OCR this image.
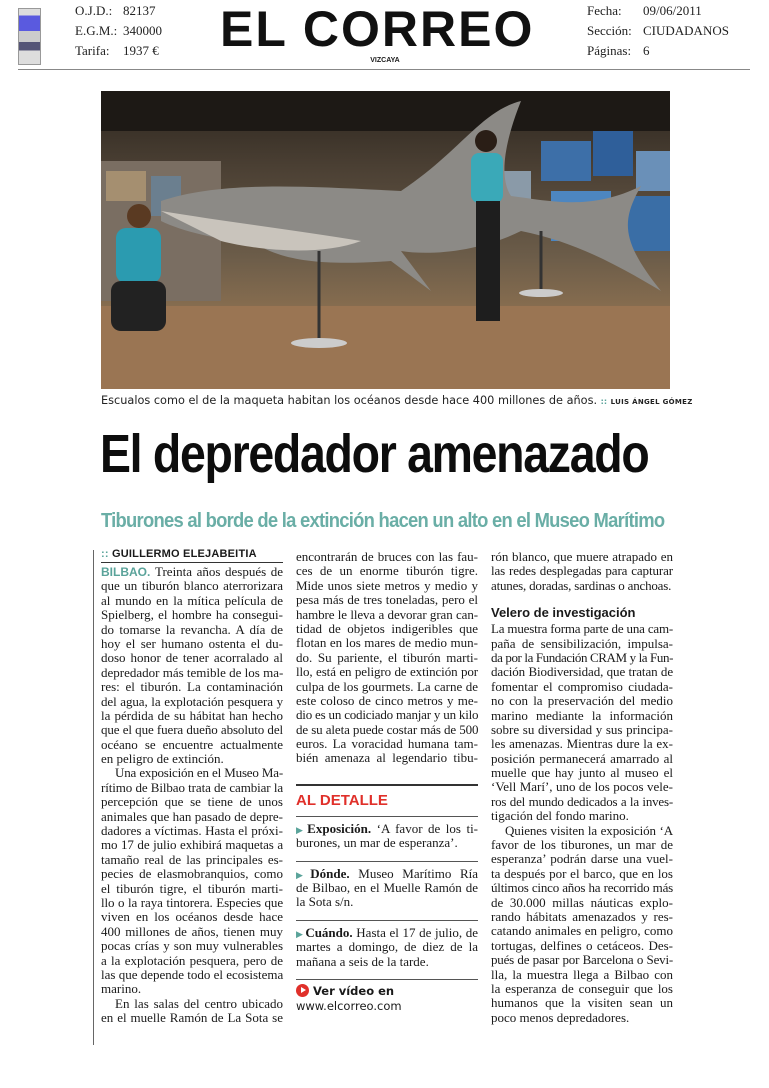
O.J.D.: 82137
E.G.M.: 340000
Tarifa: 1937 € EL CORREO
VIZCAYA
Fecha: 09/06/2011
Sección: CIUDADANOS
Páginas: 6
Escualos como el de la maqueta habitan los océanos desde hace 400 millones de años. :: LUIS ÁNGEL GÓMEZ
El depredador amenazado
Tiburones al borde de la extinción hacen un alto en el Museo Marítimo
:: GUILLERMO ELEJABEITIA
BILBAO. Treinta años después de
que un tiburón blanco aterrorizara
al mundo en la mítica película de
Spielberg, el hombre ha consegui-
do tomarse la revancha. A día de
hoy el ser humano ostenta el du-
doso honor de tener acorralado al
depredador más temible de los ma-
res: el tiburón. La contaminación
del agua, la explotación pesquera y
la pérdida de su hábitat han hecho
que el que fuera dueño absoluto del
océano se encuentre actualmente
en peligro de extinción.
Una exposición en el Museo Ma-
rítimo de Bilbao trata de cambiar la
percepción que se tiene de unos
animales que han pasado de depre-
dadores a víctimas. Hasta el próxi-
mo 17 de julio exhibirá maquetas a
tamaño real de las principales es-
pecies de elasmobranquios, como
el tiburón tigre, el tiburón marti-
llo o la raya tintorera. Especies que
viven en los océanos desde hace
400 millones de años, tienen muy
pocas crías y son muy vulnerables
a la explotación pesquera, pero de
las que depende todo el ecosistema
marino.
En las salas del centro ubicado
en el muelle Ramón de La Sota se
encontrarán de bruces con las fau-
ces de un enorme tiburón tigre.
Mide unos siete metros y medio y
pesa más de tres toneladas, pero el
hambre le lleva a devorar gran can-
tidad de objetos indigeribles que
flotan en los mares de medio mun-
do. Su pariente, el tiburón marti-
llo, está en peligro de extinción por
culpa de los gourmets. La carne de
este coloso de cinco metros y me-
dio es un codiciado manjar y un kilo
de su aleta puede costar más de 500
euros. La voracidad humana tam-
bién amenaza al legendario tibu-
AL DETALLE
▶ Exposición. ‘A favor de los ti-
burones, un mar de esperanza’.
▶ Dónde. Museo Marítimo Ría
de Bilbao, en el Muelle Ramón de
la Sota s/n.
▶ Cuándo. Hasta el 17 de julio, de
martes a domingo, de diez de la
mañana a seis de la tarde.
Ver vídeo en
www.elcorreo.com
rón blanco, que muere atrapado en
las redes desplegadas para capturar
atunes, doradas, sardinas o anchoas.
Velero de investigación
La muestra forma parte de una cam-
paña de sensibilización, impulsa-
da por la Fundación CRAM y la Fun-
dación Biodiversidad, que tratan de
fomentar el compromiso ciudada-
no con la preservación del medio
marino mediante la información
sobre su diversidad y sus principa-
les amenazas. Mientras dure la ex-
posición permanecerá amarrado al
muelle que hay junto al museo el
‘Vell Marí’, uno de los pocos vele-
ros del mundo dedicados a la inves-
tigación del fondo marino.
Quienes visiten la exposición ‘A
favor de los tiburones, un mar de
esperanza’ podrán darse una vuel-
ta después por el barco, que en los
últimos cinco años ha recorrido más
de 30.000 millas náuticas explo-
rando hábitats amenazados y res-
catando animales en peligro, como
tortugas, delfines o cetáceos. Des-
pués de pasar por Barcelona o Sevi-
lla, la muestra llega a Bilbao con
la esperanza de conseguir que los
humanos que la visiten sean un
poco menos depredadores.
